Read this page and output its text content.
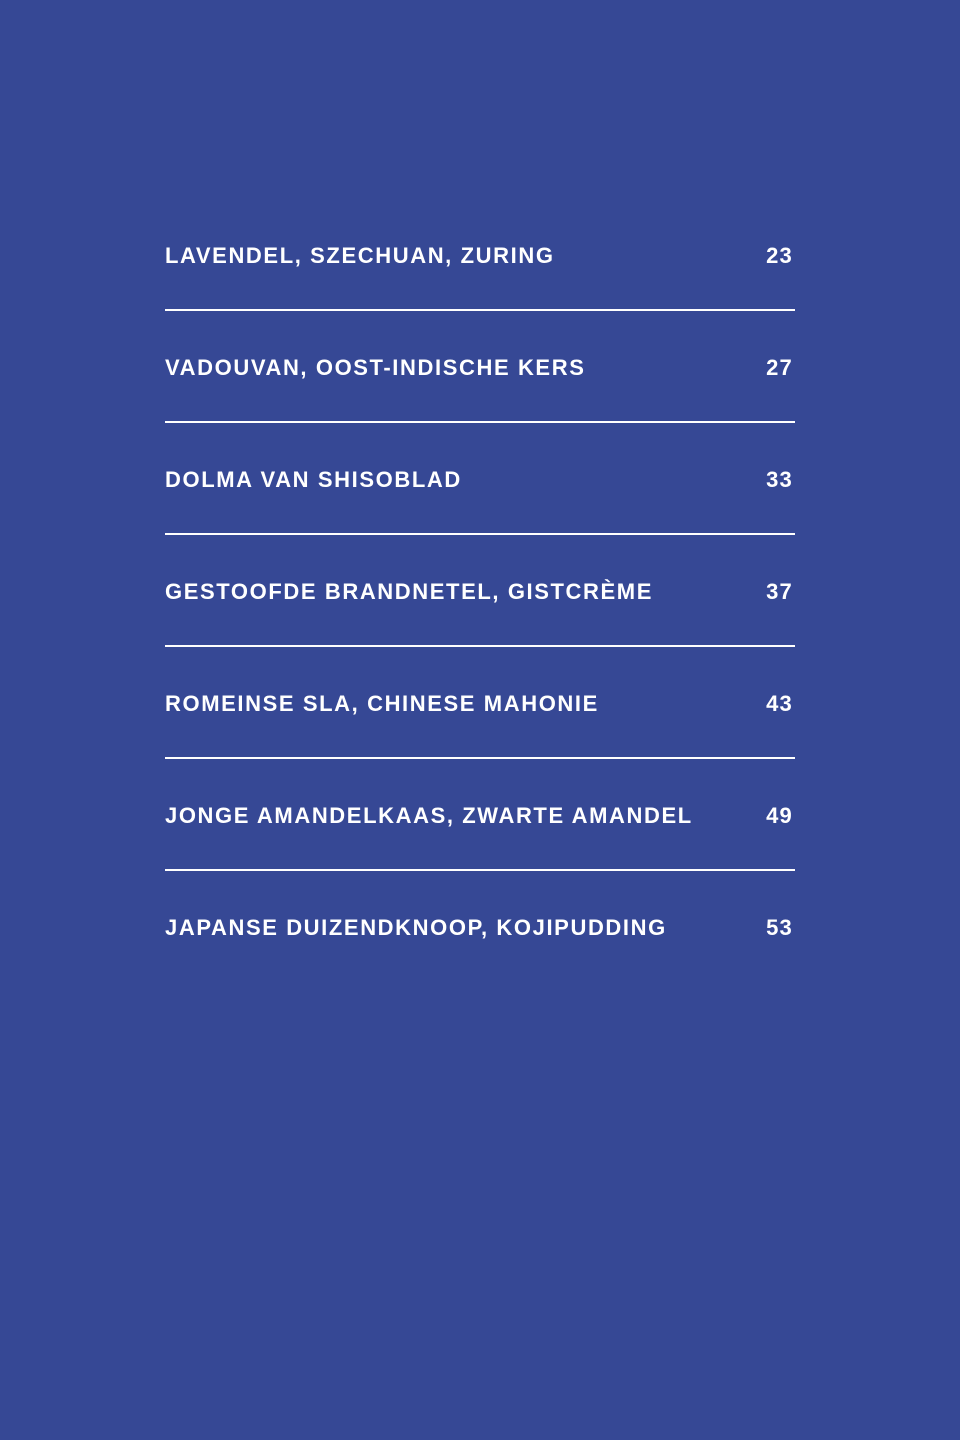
LAVENDEL, SZECHUAN, ZURING	23
VADOUVAN, OOST-INDISCHE KERS	27
DOLMA VAN SHISOBLAD	33
GESTOOFDE BRANDNETEL, GISTCRÈME	37
ROMEINSE SLA, CHINESE MAHONIE	43
JONGE AMANDELKAAS, ZWARTE AMANDEL	49
JAPANSE DUIZENDKNOOP, KOJIPUDDING	53
